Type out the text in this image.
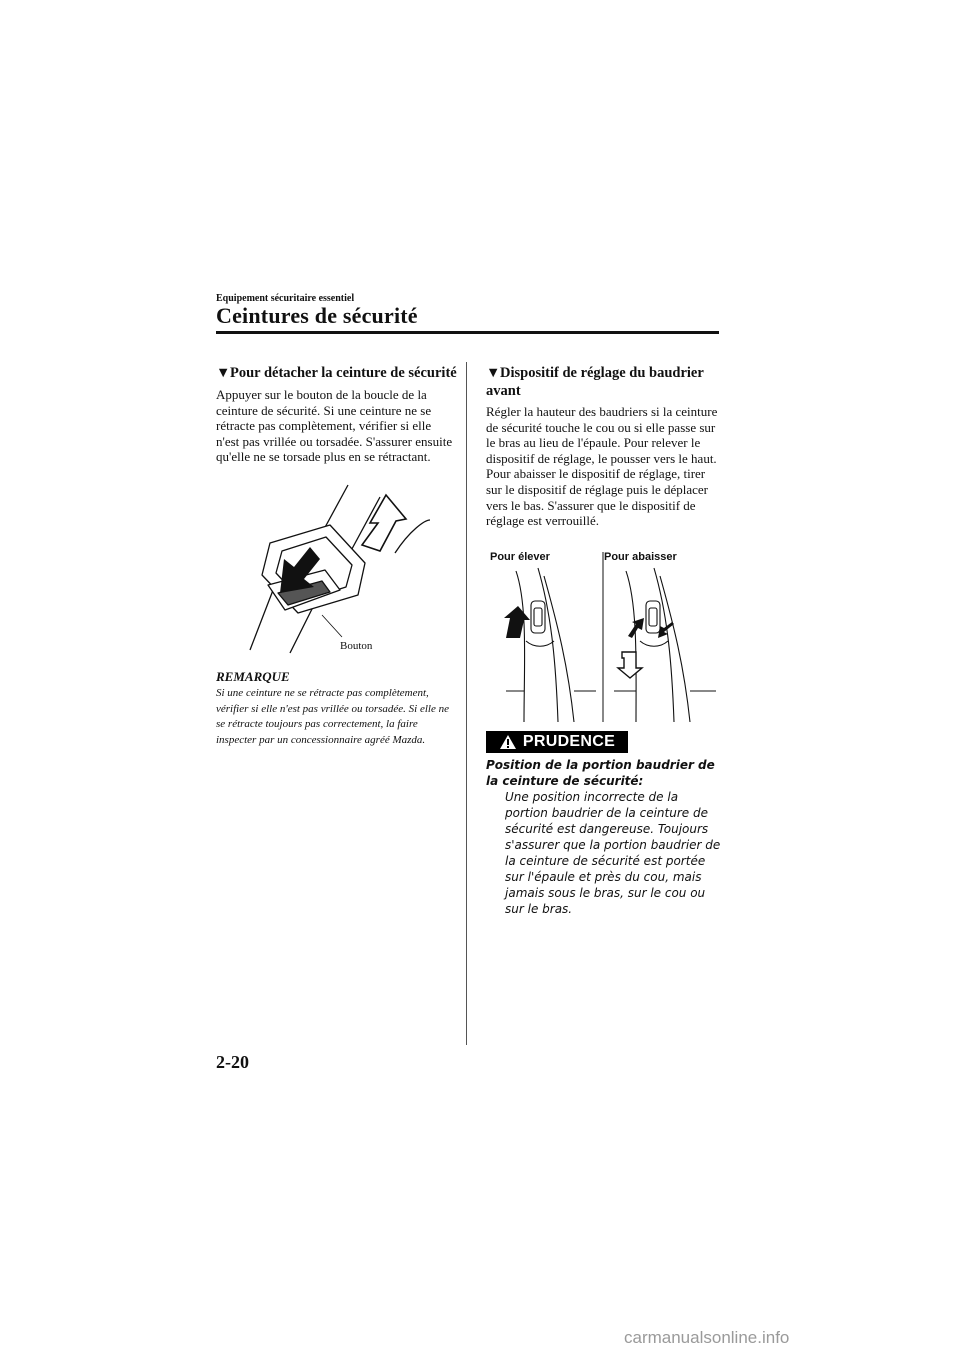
Equipement sécuritaire essentiel
Ceintures de sécurité
▼Pour détacher la ceinture de sécurité
Appuyer sur le bouton de la boucle de la ceinture de sécurité. Si une ceinture ne se rétracte pas complètement, vérifier si elle n'est pas vrillée ou torsadée. S'assurer ensuite qu'elle ne se torsade plus en se rétractant.
Bouton
REMARQUE
Si une ceinture ne se rétracte pas complètement, vérifier si elle n'est pas vrillée ou torsadée. Si elle ne se rétracte toujours pas correctement, la faire inspecter par un concessionnaire agréé Mazda.
▼Dispositif de réglage du baudrier avant
Régler la hauteur des baudriers si la ceinture de sécurité touche le cou ou si elle passe sur le bras au lieu de l'épaule. Pour relever le dispositif de réglage, le pousser vers le haut. Pour abaisser le dispositif de réglage, tirer sur le dispositif de réglage puis le déplacer vers le bas. S'assurer que le dispositif de réglage est verrouillé.
Pour élever	Pour abaisser
PRUDENCE
Position de la portion baudrier de la ceinture de sécurité:
Une position incorrecte de la portion baudrier de la ceinture de sécurité est dangereuse. Toujours s'assurer que la portion baudrier de la ceinture de sécurité est portée sur l'épaule et près du cou, mais jamais sous le bras, sur le cou ou sur le bras.
2-20
carmanualsonline.info
